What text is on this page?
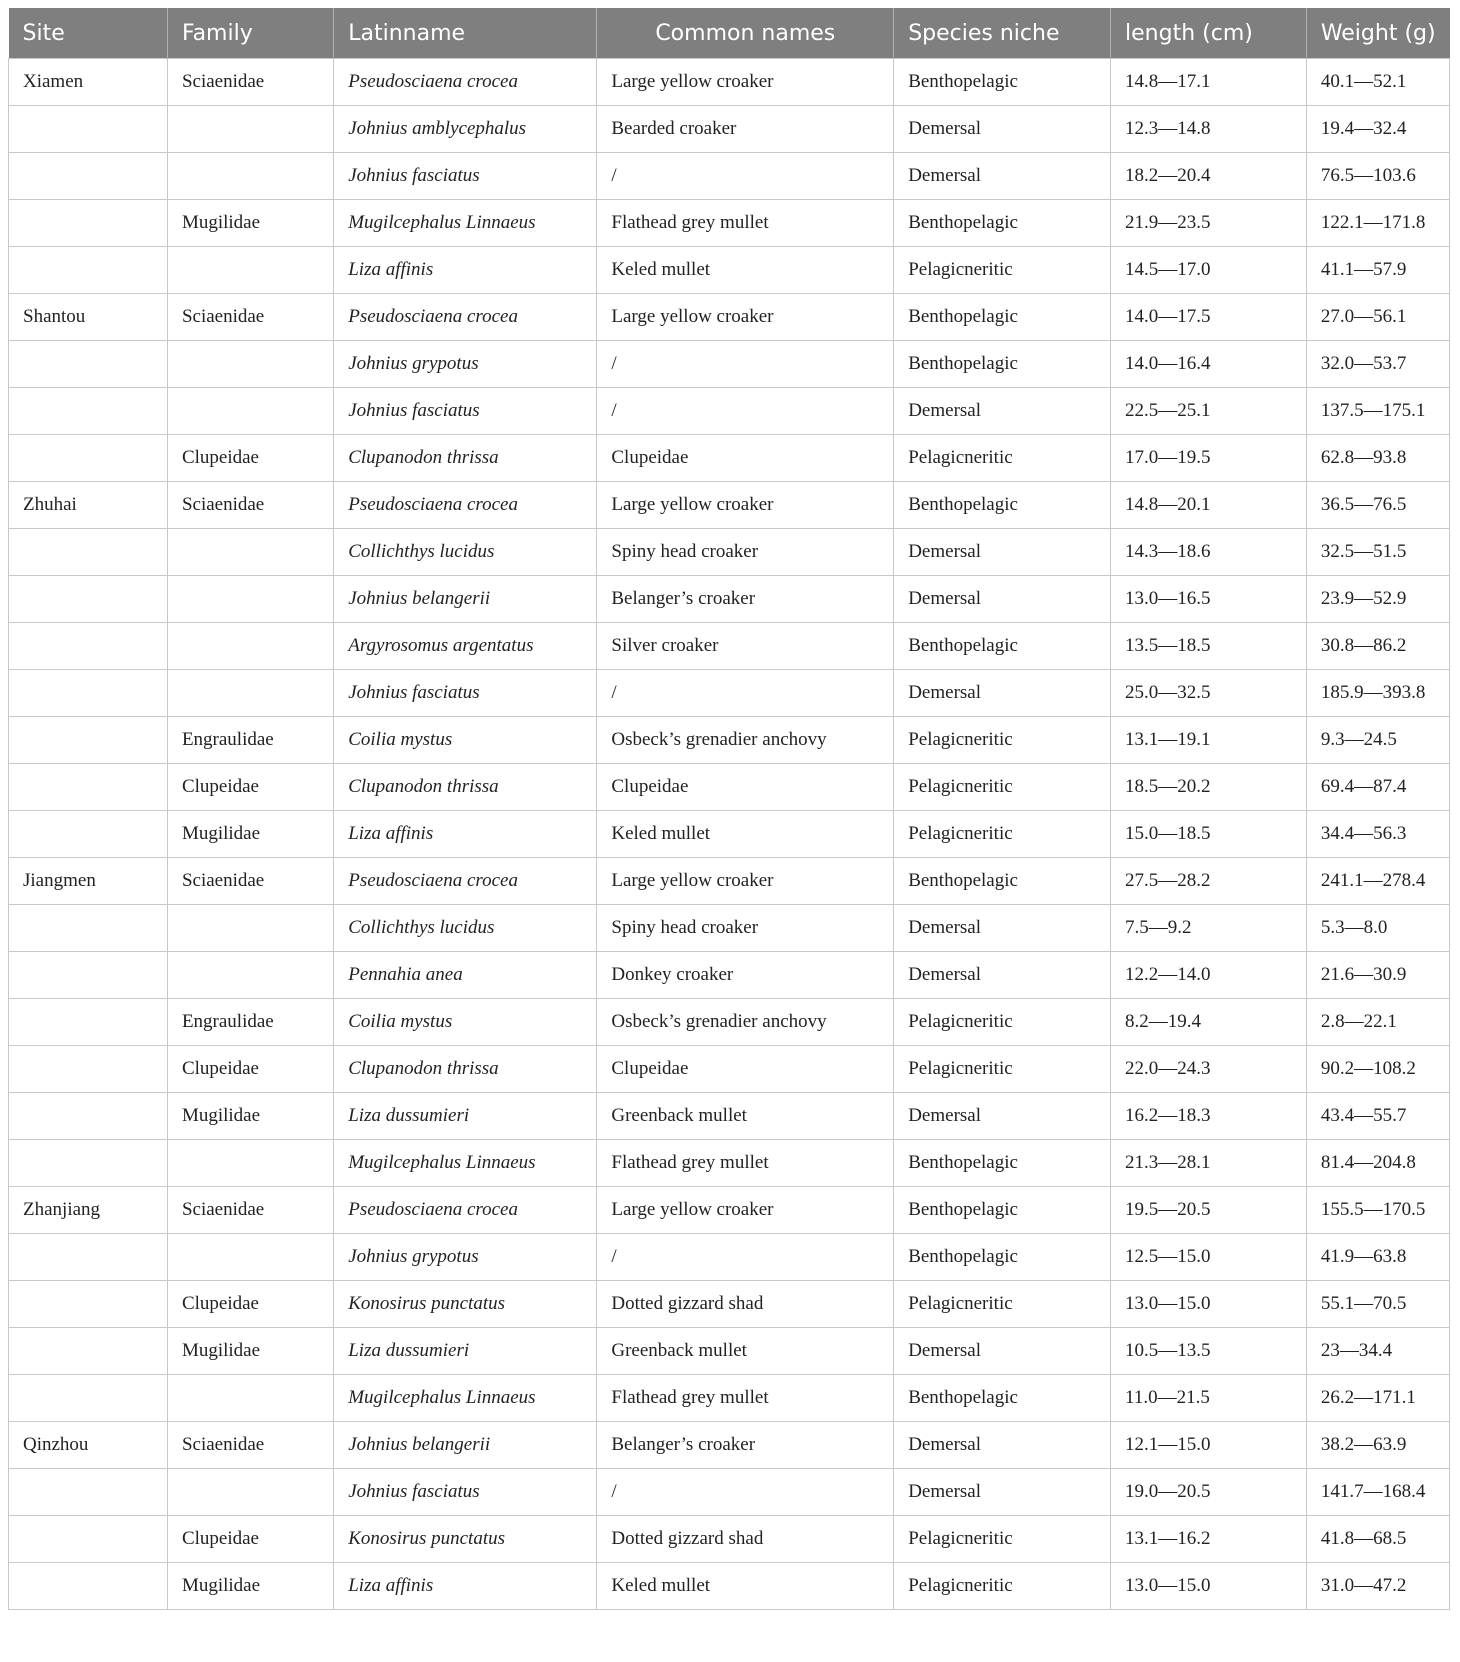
Site	Family	Latinname	Common names	Species niche	length (cm)	Weight (g)
Xiamen	Sciaenidae	Pseudosciaena crocea	Large yellow croaker	Benthopelagic	14.8—17.1	40.1—52.1
		Johnius amblycephalus	Bearded croaker	Demersal	12.3—14.8	19.4—32.4
		Johnius fasciatus	/	Demersal	18.2—20.4	76.5—103.6
	Mugilidae	Mugilcephalus Linnaeus	Flathead grey mullet	Benthopelagic	21.9—23.5	122.1—171.8
		Liza affinis	Keled mullet	Pelagicneritic	14.5—17.0	41.1—57.9
Shantou	Sciaenidae	Pseudosciaena crocea	Large yellow croaker	Benthopelagic	14.0—17.5	27.0—56.1
		Johnius grypotus	/	Benthopelagic	14.0—16.4	32.0—53.7
		Johnius fasciatus	/	Demersal	22.5—25.1	137.5—175.1
	Clupeidae	Clupanodon thrissa	Clupeidae	Pelagicneritic	17.0—19.5	62.8—93.8
Zhuhai	Sciaenidae	Pseudosciaena crocea	Large yellow croaker	Benthopelagic	14.8—20.1	36.5—76.5
		Collichthys lucidus	Spiny head croaker	Demersal	14.3—18.6	32.5—51.5
		Johnius belangerii	Belanger’s croaker	Demersal	13.0—16.5	23.9—52.9
		Argyrosomus argentatus	Silver croaker	Benthopelagic	13.5—18.5	30.8—86.2
		Johnius fasciatus	/	Demersal	25.0—32.5	185.9—393.8
	Engraulidae	Coilia mystus	Osbeck’s grenadier anchovy	Pelagicneritic	13.1—19.1	9.3—24.5
	Clupeidae	Clupanodon thrissa	Clupeidae	Pelagicneritic	18.5—20.2	69.4—87.4
	Mugilidae	Liza affinis	Keled mullet	Pelagicneritic	15.0—18.5	34.4—56.3
Jiangmen	Sciaenidae	Pseudosciaena crocea	Large yellow croaker	Benthopelagic	27.5—28.2	241.1—278.4
		Collichthys lucidus	Spiny head croaker	Demersal	7.5—9.2	5.3—8.0
		Pennahia anea	Donkey croaker	Demersal	12.2—14.0	21.6—30.9
	Engraulidae	Coilia mystus	Osbeck’s grenadier anchovy	Pelagicneritic	8.2—19.4	2.8—22.1
	Clupeidae	Clupanodon thrissa	Clupeidae	Pelagicneritic	22.0—24.3	90.2—108.2
	Mugilidae	Liza dussumieri	Greenback mullet	Demersal	16.2—18.3	43.4—55.7
		Mugilcephalus Linnaeus	Flathead grey mullet	Benthopelagic	21.3—28.1	81.4—204.8
Zhanjiang	Sciaenidae	Pseudosciaena crocea	Large yellow croaker	Benthopelagic	19.5—20.5	155.5—170.5
		Johnius grypotus	/	Benthopelagic	12.5—15.0	41.9—63.8
	Clupeidae	Konosirus punctatus	Dotted gizzard shad	Pelagicneritic	13.0—15.0	55.1—70.5
	Mugilidae	Liza dussumieri	Greenback mullet	Demersal	10.5—13.5	23—34.4
		Mugilcephalus Linnaeus	Flathead grey mullet	Benthopelagic	11.0—21.5	26.2—171.1
Qinzhou	Sciaenidae	Johnius belangerii	Belanger’s croaker	Demersal	12.1—15.0	38.2—63.9
		Johnius fasciatus	/	Demersal	19.0—20.5	141.7—168.4
	Clupeidae	Konosirus punctatus	Dotted gizzard shad	Pelagicneritic	13.1—16.2	41.8—68.5
	Mugilidae	Liza affinis	Keled mullet	Pelagicneritic	13.0—15.0	31.0—47.2
